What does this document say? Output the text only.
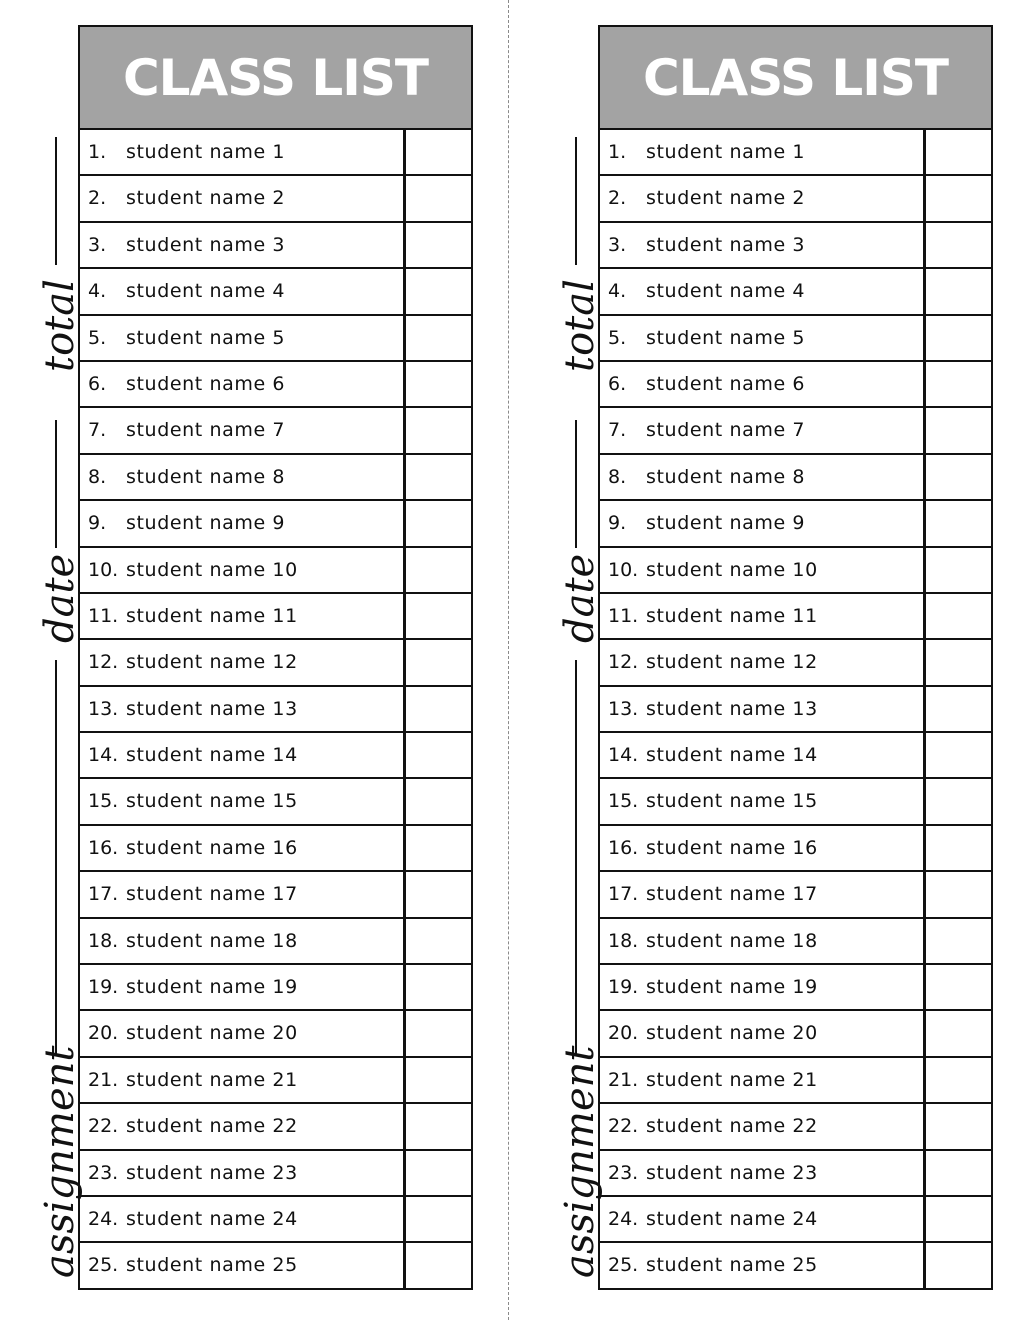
total
date
assignment
total
date
assignment
CLASS LIST
1.	student name 1
2.	student name 2
3.	student name 3
4.	student name 4
5.	student name 5
6.	student name 6
7.	student name 7
8.	student name 8
9.	student name 9
10. student name 10
11. student name 11
12. student name 12
13. student name 13
14. student name 14
15. student name 15
16. student name 16
17. student name 17
18. student name 18
19. student name 19
20. student name 20
21. student name 21
22. student name 22
23. student name 23
24. student name 24
25. student name 25
CLASS LIST
1.	student name 1
2.	student name 2
3.	student name 3
4.	student name 4
5.	student name 5
6.	student name 6
7.	student name 7
8.	student name 8
9.	student name 9
10. student name 10
11. student name 11
12. student name 12
13. student name 13
14. student name 14
15. student name 15
16. student name 16
17. student name 17
18. student name 18
19. student name 19
20. student name 20
21. student name 21
22. student name 22
23. student name 23
24. student name 24
25. student name 25
